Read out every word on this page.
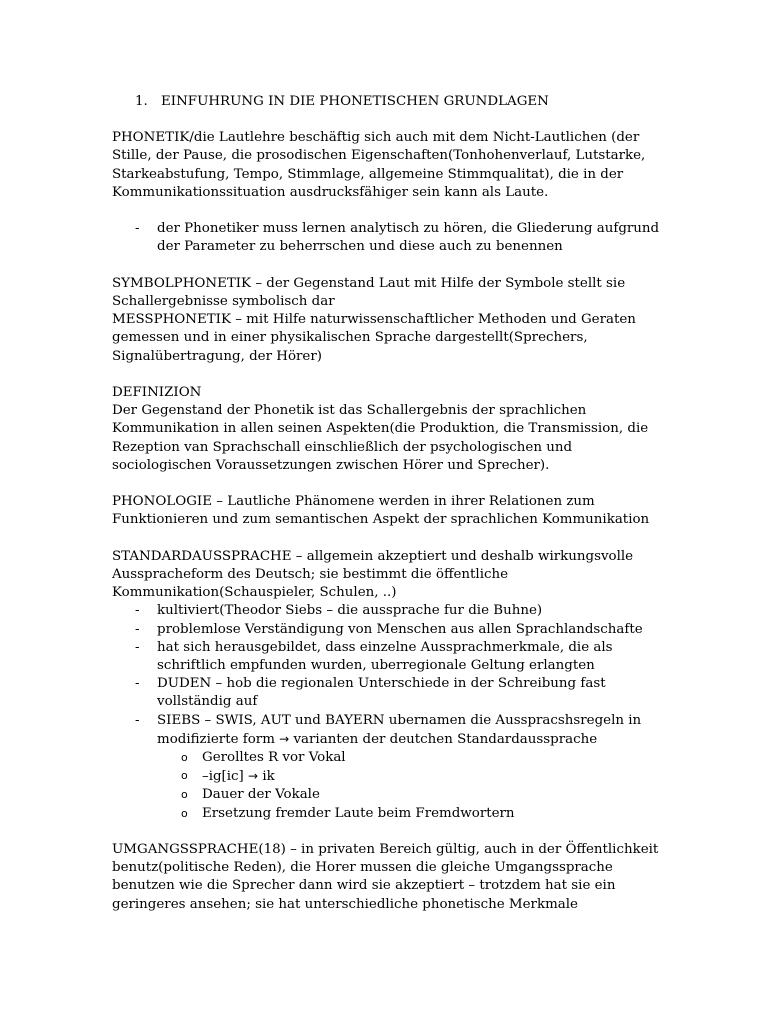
1. EINFUHRUNG IN DIE PHONETISCHEN GRUNDLAGEN

PHONETIK/die Lautlehre beschäftig sich auch mit dem Nicht-Lautlichen (der Stille, der Pause, die prosodischen Eigenschaften(Tonhohenverlauf, Lutstarke, Starkeabstufung, Tempo, Stimmlage, allgemeine Stimmqualitat), die in der Kommunikationssituation ausdrucksfähiger sein kann als Laute.

- der Phonetiker muss lernen analytisch zu hören, die Gliederung aufgrund der Parameter zu beherrschen und diese auch zu benennen
SYMBOLPHONETIK – der Gegenstand Laut mit Hilfe der Symbole stellt sie Schallergebnisse symbolisch dar

MESSPHONETIK – mit Hilfe naturwissenschaftlicher Methoden und Geraten gemessen und in einer physikalischen Sprache dargestellt(Sprechers, Signalübertragung, der Hörer)

DEFINIZION

Der Gegenstand der Phonetik ist das Schallergebnis der sprachlichen Kommunikation in allen seinen Aspekten(die Produktion, die Transmission, die Rezeption van Sprachschall einschließlich der psychologischen und sociologischen Voraussetzungen zwischen Hörer und Sprecher).

PHONOLOGIE – Lautliche Phänomene werden in ihrer Relationen zum Funktionieren und zum semantischen Aspekt der sprachlichen Kommunikation

STANDARDAUSSPRACHE – allgemein akzeptiert und deshalb wirkungsvolle Ausspracheform des Deutsch; sie bestimmt die öffentliche Kommunikation(Schauspieler, Schulen, ..)
- kultiviert(Theodor Siebs – die aussprache fur die Buhne)
- problemlose Verständigung von Menschen aus allen Sprachlandschafte
- hat sich herausgebildet, dass einzelne Aussprachmerkmale, die als schriftlich empfunden wurden, uberregionale Geltung erlangten
- DUDEN – hob die regionalen Unterschiede in der Schreibung fast vollständig auf
- SIEBS – SWIS, AUT und BAYERN ubernamen die Ausspracshsregeln in modifizierte form → varianten der deutchen Standardaussprache
o Gerolltes R vor Vokal
o –ig[ic] → ik
o Dauer der Vokale
o Ersetzung fremder Laute beim Fremdwortern

UMGANGSSPRACHE(18) – in privaten Bereich gültig, auch in der Öffentlichkeit benutz(politische Reden), die Horer mussen die gleiche Umgangssprache benutzen wie die Sprecher dann wird sie akzeptiert – trotzdem hat sie ein geringeres ansehen; sie hat unterschiedliche phonetische Merkmale
